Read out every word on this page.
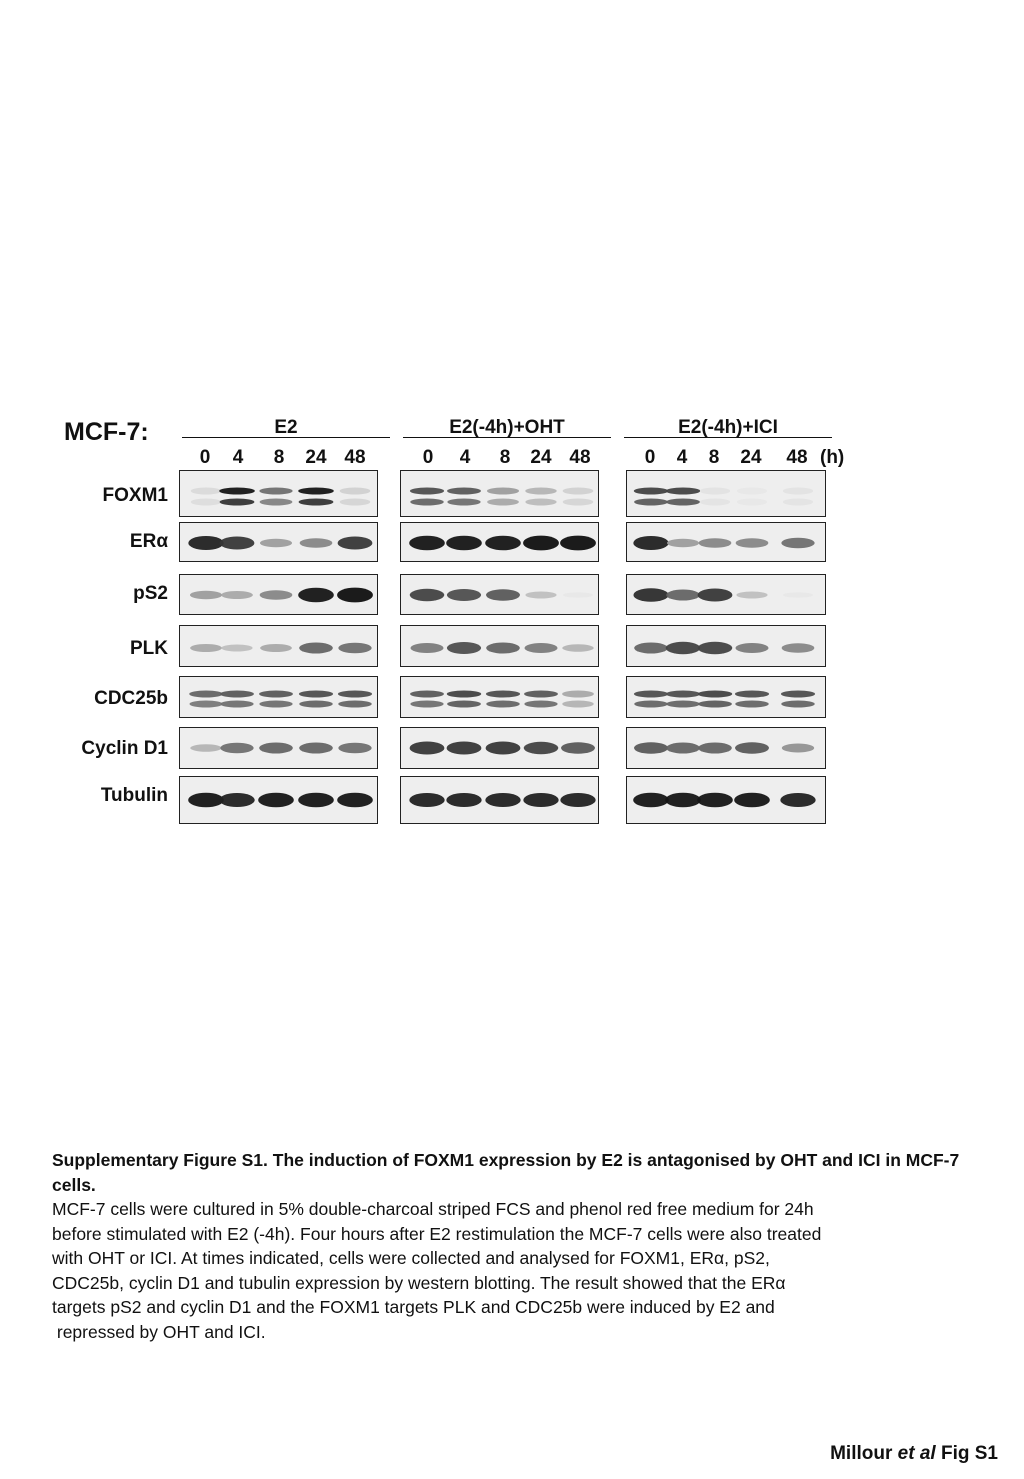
MCF-7:	E2	E2(-4h)+OHT	E2(-4h)+ICI
0	4	8	24 48	0	4	8	24 48	0	4	8	24	48 (h)
FOXM1
ERα
pS2
PLK
CDC25b
Cyclin D1
Tubulin

Supplementary Figure S1. The induction of FOXM1 expression by E2 is antagonised by OHT and ICI in MCF-7 cells.

MCF-7 cells were cultured in 5% double-charcoal striped FCS and phenol red free medium for 24h
before stimulated with E2 (-4h). Four hours after E2 restimulation the MCF-7 cells were also treated
with OHT or ICI. At times indicated, cells were collected and analysed for FOXM1, ERα, pS2,
CDC25b, cyclin D1 and tubulin expression by western blotting. The result showed that the ERα
targets pS2 and cyclin D1 and the FOXM1 targets PLK and CDC25b were induced by E2 and
repressed by OHT and ICI.

Millour et al Fig S1
